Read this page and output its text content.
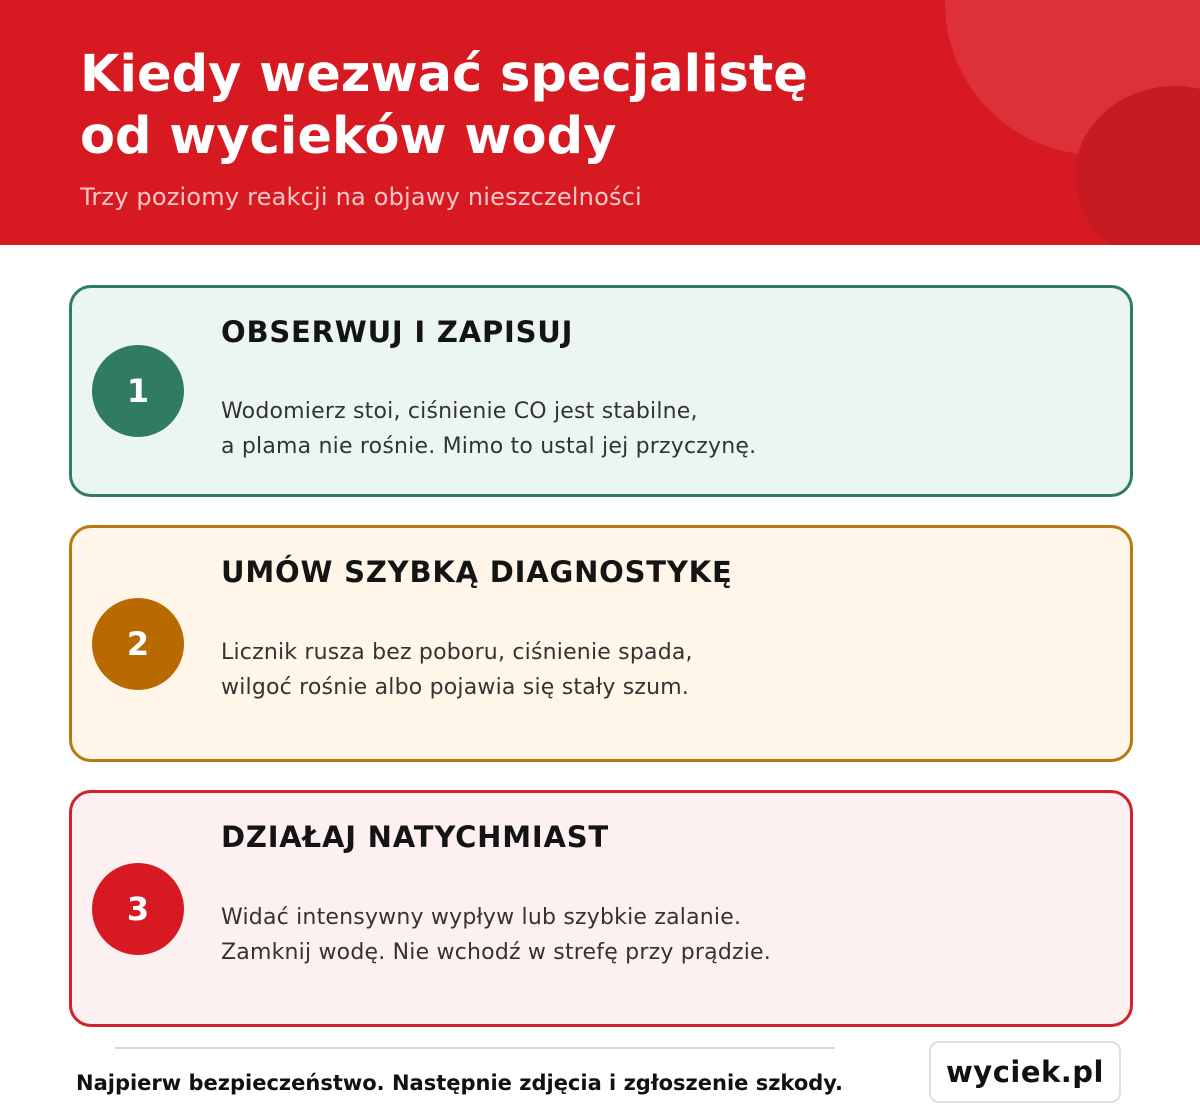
Kiedy wezwać specjalistę
od wycieków wody
Trzy poziomy reakcji na objawy nieszczelności
1
OBSERWUJ I ZAPISUJ
Wodomierz stoi, ciśnienie CO jest stabilne,
a plama nie rośnie. Mimo to ustal jej przyczynę.
2
UMÓW SZYBKĄ DIAGNOSTYKĘ
Licznik rusza bez poboru, ciśnienie spada,
wilgoć rośnie albo pojawia się stały szum.
3
DZIAŁAJ NATYCHMIAST
Widać intensywny wypływ lub szybkie zalanie.
Zamknij wodę. Nie wchodź w strefę przy prądzie.
Najpierw bezpieczeństwo. Następnie zdjęcia i zgłoszenie szkody.	wyciek.pl
